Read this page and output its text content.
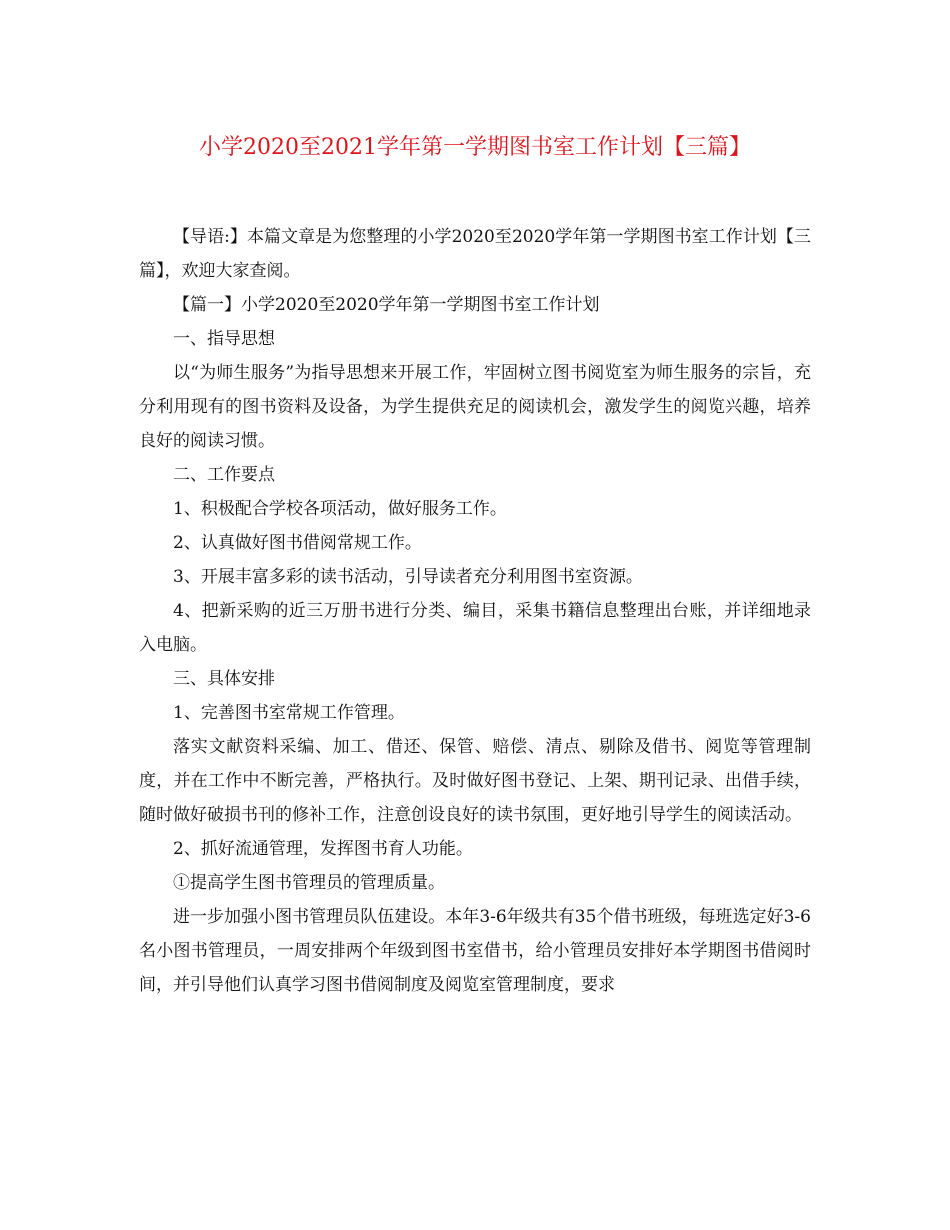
小学2020至2021学年第一学期图书室工作计划【三篇】

【导语:】本篇文章是为您整理的小学2020至2020学年第一学期图书室工作计划【三篇】，欢迎大家查阅。

【篇一】小学2020至2020学年第一学期图书室工作计划

一、指导思想

以“为师生服务”为指导思想来开展工作，牢固树立图书阅览室为师生服务的宗旨，充分利用现有的图书资料及设备，为学生提供充足的阅读机会，激发学生的阅览兴趣，培养良好的阅读习惯。

二、工作要点

1、积极配合学校各项活动，做好服务工作。

2、认真做好图书借阅常规工作。

3、开展丰富多彩的读书活动，引导读者充分利用图书室资源。

4、把新采购的近三万册书进行分类、编目，采集书籍信息整理出台账，并详细地录入电脑。

三、具体安排

1、完善图书室常规工作管理。

落实文献资料采编、加工、借还、保管、赔偿、清点、剔除及借书、阅览等管理制度，并在工作中不断完善，严格执行。及时做好图书登记、上架、期刊记录、出借手续，随时做好破损书刊的修补工作，注意创设良好的读书氛围，更好地引导学生的阅读活动。

2、抓好流通管理，发挥图书育人功能。

①提高学生图书管理员的管理质量。

进一步加强小图书管理员队伍建设。本年3-6年级共有35个借书班级，每班选定好3-6名小图书管理员，一周安排两个年级到图书室借书，给小管理员安排好本学期图书借阅时间，并引导他们认真学习图书借阅制度及阅览室管理制度，要求
